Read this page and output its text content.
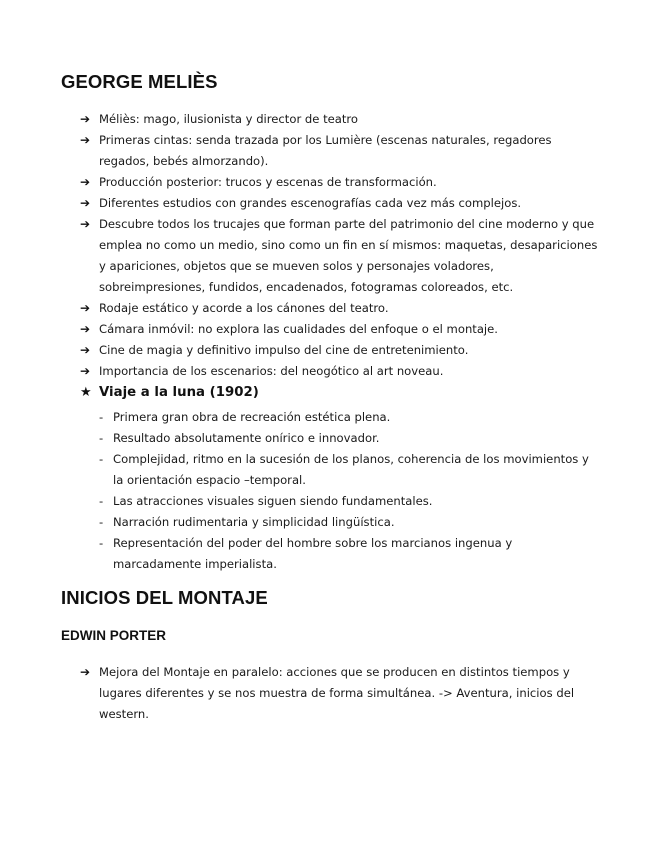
GEORGE MELIÈS
➔ Méliès: mago, ilusionista y director de teatro
➔ Primeras cintas: senda trazada por los Lumière (escenas naturales, regadores regados, bebés almorzando).
➔ Producción posterior: trucos y escenas de transformación.
➔ Diferentes estudios con grandes escenografías cada vez más complejos.
➔ Descubre todos los trucajes que forman parte del patrimonio del cine moderno y que emplea no como un medio, sino como un fin en sí mismos: maquetas, desapariciones y apariciones, objetos que se mueven solos y personajes voladores, sobreimpresiones, fundidos, encadenados, fotogramas coloreados, etc.
➔ Rodaje estático y acorde a los cánones del teatro.
➔ Cámara inmóvil: no explora las cualidades del enfoque o el montaje.
➔ Cine de magia y definitivo impulso del cine de entretenimiento.
➔ Importancia de los escenarios: del neogótico al art noveau.
★ Viaje a la luna (1902)
- Primera gran obra de recreación estética plena.
- Resultado absolutamente onírico e innovador.
- Complejidad, ritmo en la sucesión de los planos, coherencia de los movimientos y la orientación espacio –temporal.
- Las atracciones visuales siguen siendo fundamentales.
- Narración rudimentaria y simplicidad lingüística.
- Representación del poder del hombre sobre los marcianos ingenua y marcadamente imperialista.
INICIOS DEL MONTAJE
EDWIN PORTER
➔ Mejora del Montaje en paralelo: acciones que se producen en distintos tiempos y lugares diferentes y se nos muestra de forma simultánea. -> Aventura, inicios del western.
